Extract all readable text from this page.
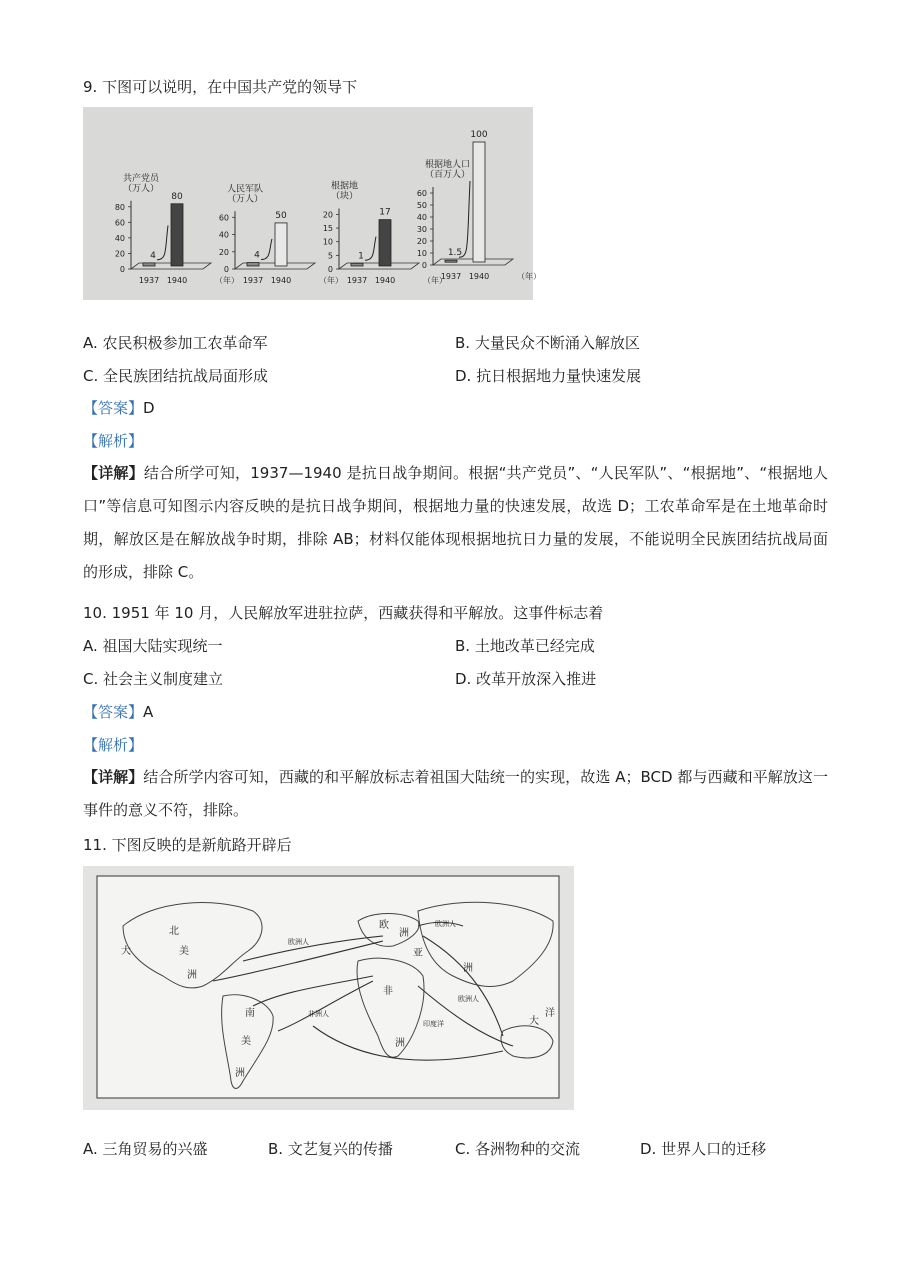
9. 下图可以说明，在中国共产党的领导下
0
20
40
60
80
共产党员
（万人）
4
1937
80
1940	（年）
0
20
40
60
人民军队
（万人）
4
1937
50
1940	（年）
0
5
10
15
20
根据地
（块）
1
1937
17
1940	（年）
0
10
20
30
40
50
60
根据地人口
（百万人）
1.5
1937
100
1940	（年）
A. 农民积极参加工农革命军	B. 大量民众不断涌入解放区
C. 全民族团结抗战局面形成	D. 抗日根据地力量快速发展
【答案】D
【解析】
【详解】结合所学可知，1937—1940 是抗日战争期间。根据“共产党员”、“人民军队”、“根据地”、“根据地人口”等信息可知图示内容反映的是抗日战争期间，根据地力量的快速发展，故选 D；工农革命军是在土地革命时期，解放区是在解放战争时期，排除 AB；材料仅能体现根据地抗日力量的发展，不能说明全民族团结抗战局面的形成，排除 C。
10. 1951 年 10 月，人民解放军进驻拉萨，西藏获得和平解放。这事件标志着
A. 祖国大陆实现统一	B. 土地改革已经完成
C. 社会主义制度建立	D. 改革开放深入推进
【答案】A
【解析】
【详解】结合所学内容可知，西藏的和平解放标志着祖国大陆统一的实现，故选 A；BCD 都与西藏和平解放这一事件的意义不符，排除。
11. 下图反映的是新航路开辟后
北
美
洲
大
南
美
洲
欧
洲
亚
洲
非
洲
大
洋
欧洲人
欧洲人
非洲人
印度洋
欧洲人
A. 三角贸易的兴盛	B. 文艺复兴的传播	C. 各洲物种的交流	D. 世界人口的迁移
